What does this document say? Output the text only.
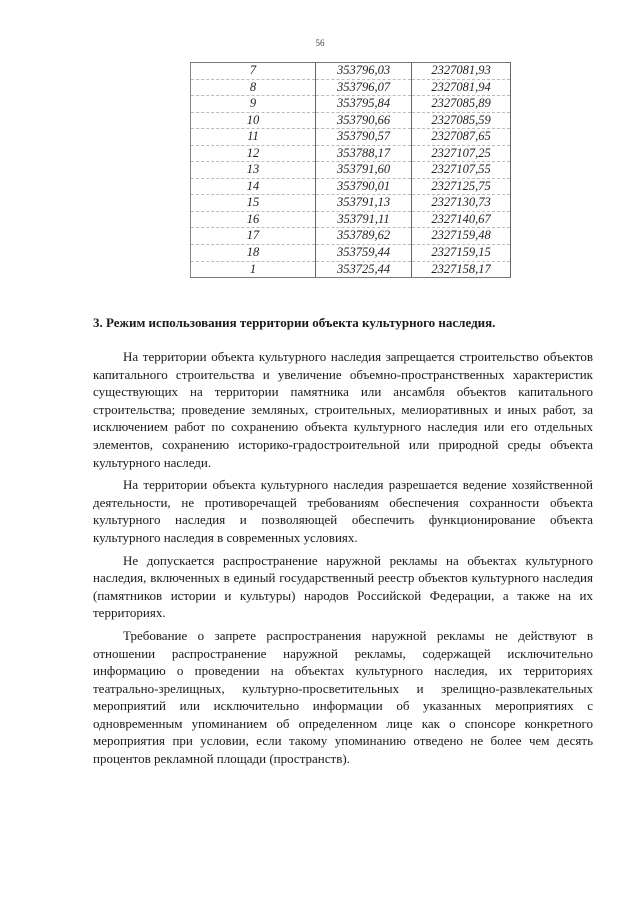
56
7	353796,03	2327081,93
8	353796,07	2327081,94
9	353795,84	2327085,89
10	353790,66	2327085,59
11	353790,57	2327087,65
12	353788,17	2327107,25
13	353791,60	2327107,55
14	353790,01	2327125,75
15	353791,13	2327130,73
16	353791,11	2327140,67
17	353789,62	2327159,48
18	353759,44	2327159,15
1	353725,44	2327158,17
3. Режим использования территории объекта культурного наследия.

На территории объекта культурного наследия запрещается строительство объектов капитального строительства и увеличение объемно-пространственных характеристик существующих на территории памятника или ансамбля объектов капитального строительства; проведение земляных, строительных, мелиоративных и иных работ, за исключением работ по сохранению объекта культурного наследия или его отдельных элементов, сохранению историко-градостроительной или природной среды объекта культурного наследи.

На территории объекта культурного наследия разрешается ведение хозяйственной деятельности, не противоречащей требованиям обеспечения сохранности объекта культурного наследия и позволяющей обеспечить функционирование объекта культурного наследия в современных условиях.

Не допускается распространение наружной рекламы на объектах культурного наследия, включенных в единый государственный реестр объектов культурного наследия (памятников истории и культуры) народов Российской Федерации, а также на их территориях.

Требование о запрете распространения наружной рекламы не действуют в отношении распространение наружной рекламы, содержащей исключительно информацию о проведении на объектах культурного наследия, их территориях театрально-зрелищных, культурно-просветительных и зрелищно-развлекательных мероприятий или исключительно информации об указанных мероприятиях с одновременным упоминанием об определенном лице как о спонсоре конкретного мероприятия при условии, если такому упоминанию отведено не более чем десять процентов рекламной площади (пространств).
